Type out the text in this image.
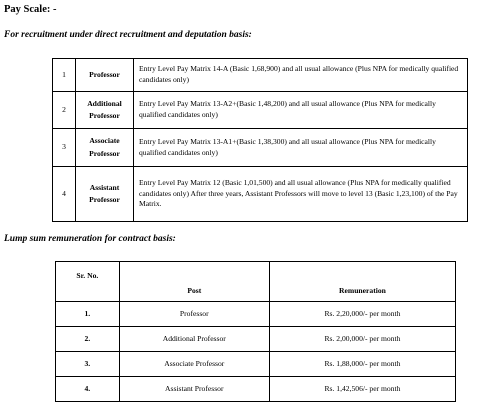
Pay Scale: -
For recruitment under direct recruitment and deputation basis:
1	Professor	Entry Level Pay Matrix 14-A (Basic 1,68,900) and all usual allowance (Plus NPA for medically qualified candidates only)
2	Additional Professor	Entry Level Pay Matrix 13-A2+(Basic 1,48,200) and all usual allowance (Plus NPA for medically qualified candidates only)
3	Associate Professor	Entry Level Pay Matrix 13-A1+(Basic 1,38,300) and all usual allowance (Plus NPA for medically qualified candidates only)
4	Assistant Professor	Entry Level Pay Matrix 12 (Basic 1,01,500) and all usual allowance (Plus NPA for medically qualified candidates only) After three years, Assistant Professors will move to level 13 (Basic 1,23,100) of the Pay Matrix.
Lump sum remuneration for contract basis:
Sr. No.	Post	Remuneration
1.	Professor	Rs. 2,20,000/- per month
2.	Additional Professor	Rs. 2,00,000/- per month
3.	Associate Professor	Rs. 1,88,000/- per month
4.	Assistant Professor	Rs. 1,42,506/- per month
